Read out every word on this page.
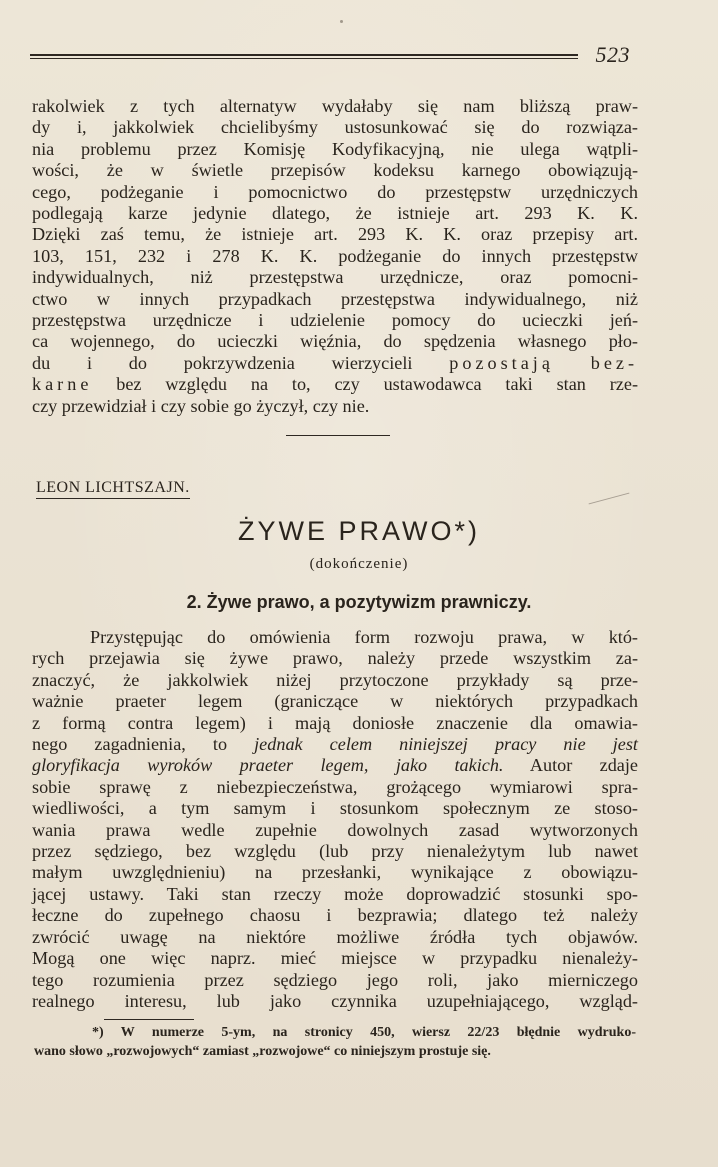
523
rakolwiek z tych alternatyw wydałaby się nam bliższą praw-
dy i, jakkolwiek chcielibyśmy ustosunkować się do rozwiąza-
nia problemu przez Komisję Kodyfikacyjną, nie ulega wątpli-
wości, że w świetle przepisów kodeksu karnego obowiązują-
cego, podżeganie i pomocnictwo do przestępstw urzędniczych
podlegają karze jedynie dlatego, że istnieje art. 293 K. K.
Dzięki zaś temu, że istnieje art. 293 K. K. oraz przepisy art.
103, 151, 232 i 278 K. K. podżeganie do innych przestępstw
indywidualnych, niż przestępstwa urzędnicze, oraz pomocni-
ctwo w innych przypadkach przestępstwa indywidualnego, niż
przestępstwa urzędnicze i udzielenie pomocy do ucieczki jeń-
ca wojennego, do ucieczki więźnia, do spędzenia własnego pło-
du i do pokrzywdzenia wierzycieli pozostają bez-
karne bez względu na to, czy ustawodawca taki stan rze-
czy przewidział i czy sobie go życzył, czy nie.
LEON LICHTSZAJN.
ŻYWE PRAWO*)
(dokończenie)
2. Żywe prawo, a pozytywizm prawniczy.
Przystępując do omówienia form rozwoju prawa, w któ-
rych przejawia się żywe prawo, należy przede wszystkim za-
znaczyć, że jakkolwiek niżej przytoczone przykłady są prze-
ważnie praeter legem (graniczące w niektórych przypadkach
z formą contra legem) i mają doniosłe znaczenie dla omawia-
nego zagadnienia, to jednak celem niniejszej pracy nie jest
gloryfikacja wyroków praeter legem, jako takich. Autor zdaje
sobie sprawę z niebezpieczeństwa, grożącego wymiarowi spra-
wiedliwości, a tym samym i stosunkom społecznym ze stoso-
wania prawa wedle zupełnie dowolnych zasad wytworzonych
przez sędziego, bez względu (lub przy nienależytym lub nawet
małym uwzględnieniu) na przesłanki, wynikające z obowiązu-
jącej ustawy. Taki stan rzeczy może doprowadzić stosunki spo-
łeczne do zupełnego chaosu i bezprawia; dlatego też należy
zwrócić uwagę na niektóre możliwe źródła tych objawów.
Mogą one więc naprz. mieć miejsce w przypadku nienależy-
tego rozumienia przez sędziego jego roli, jako mierniczego
realnego interesu, lub jako czynnika uzupełniającego, wzgląd-
*) W numerze 5-ym, na stronicy 450, wiersz 22/23 błędnie wydruko-
wano słowo „rozwojowych“ zamiast „rozwojowe“ co niniejszym prostuje się.
